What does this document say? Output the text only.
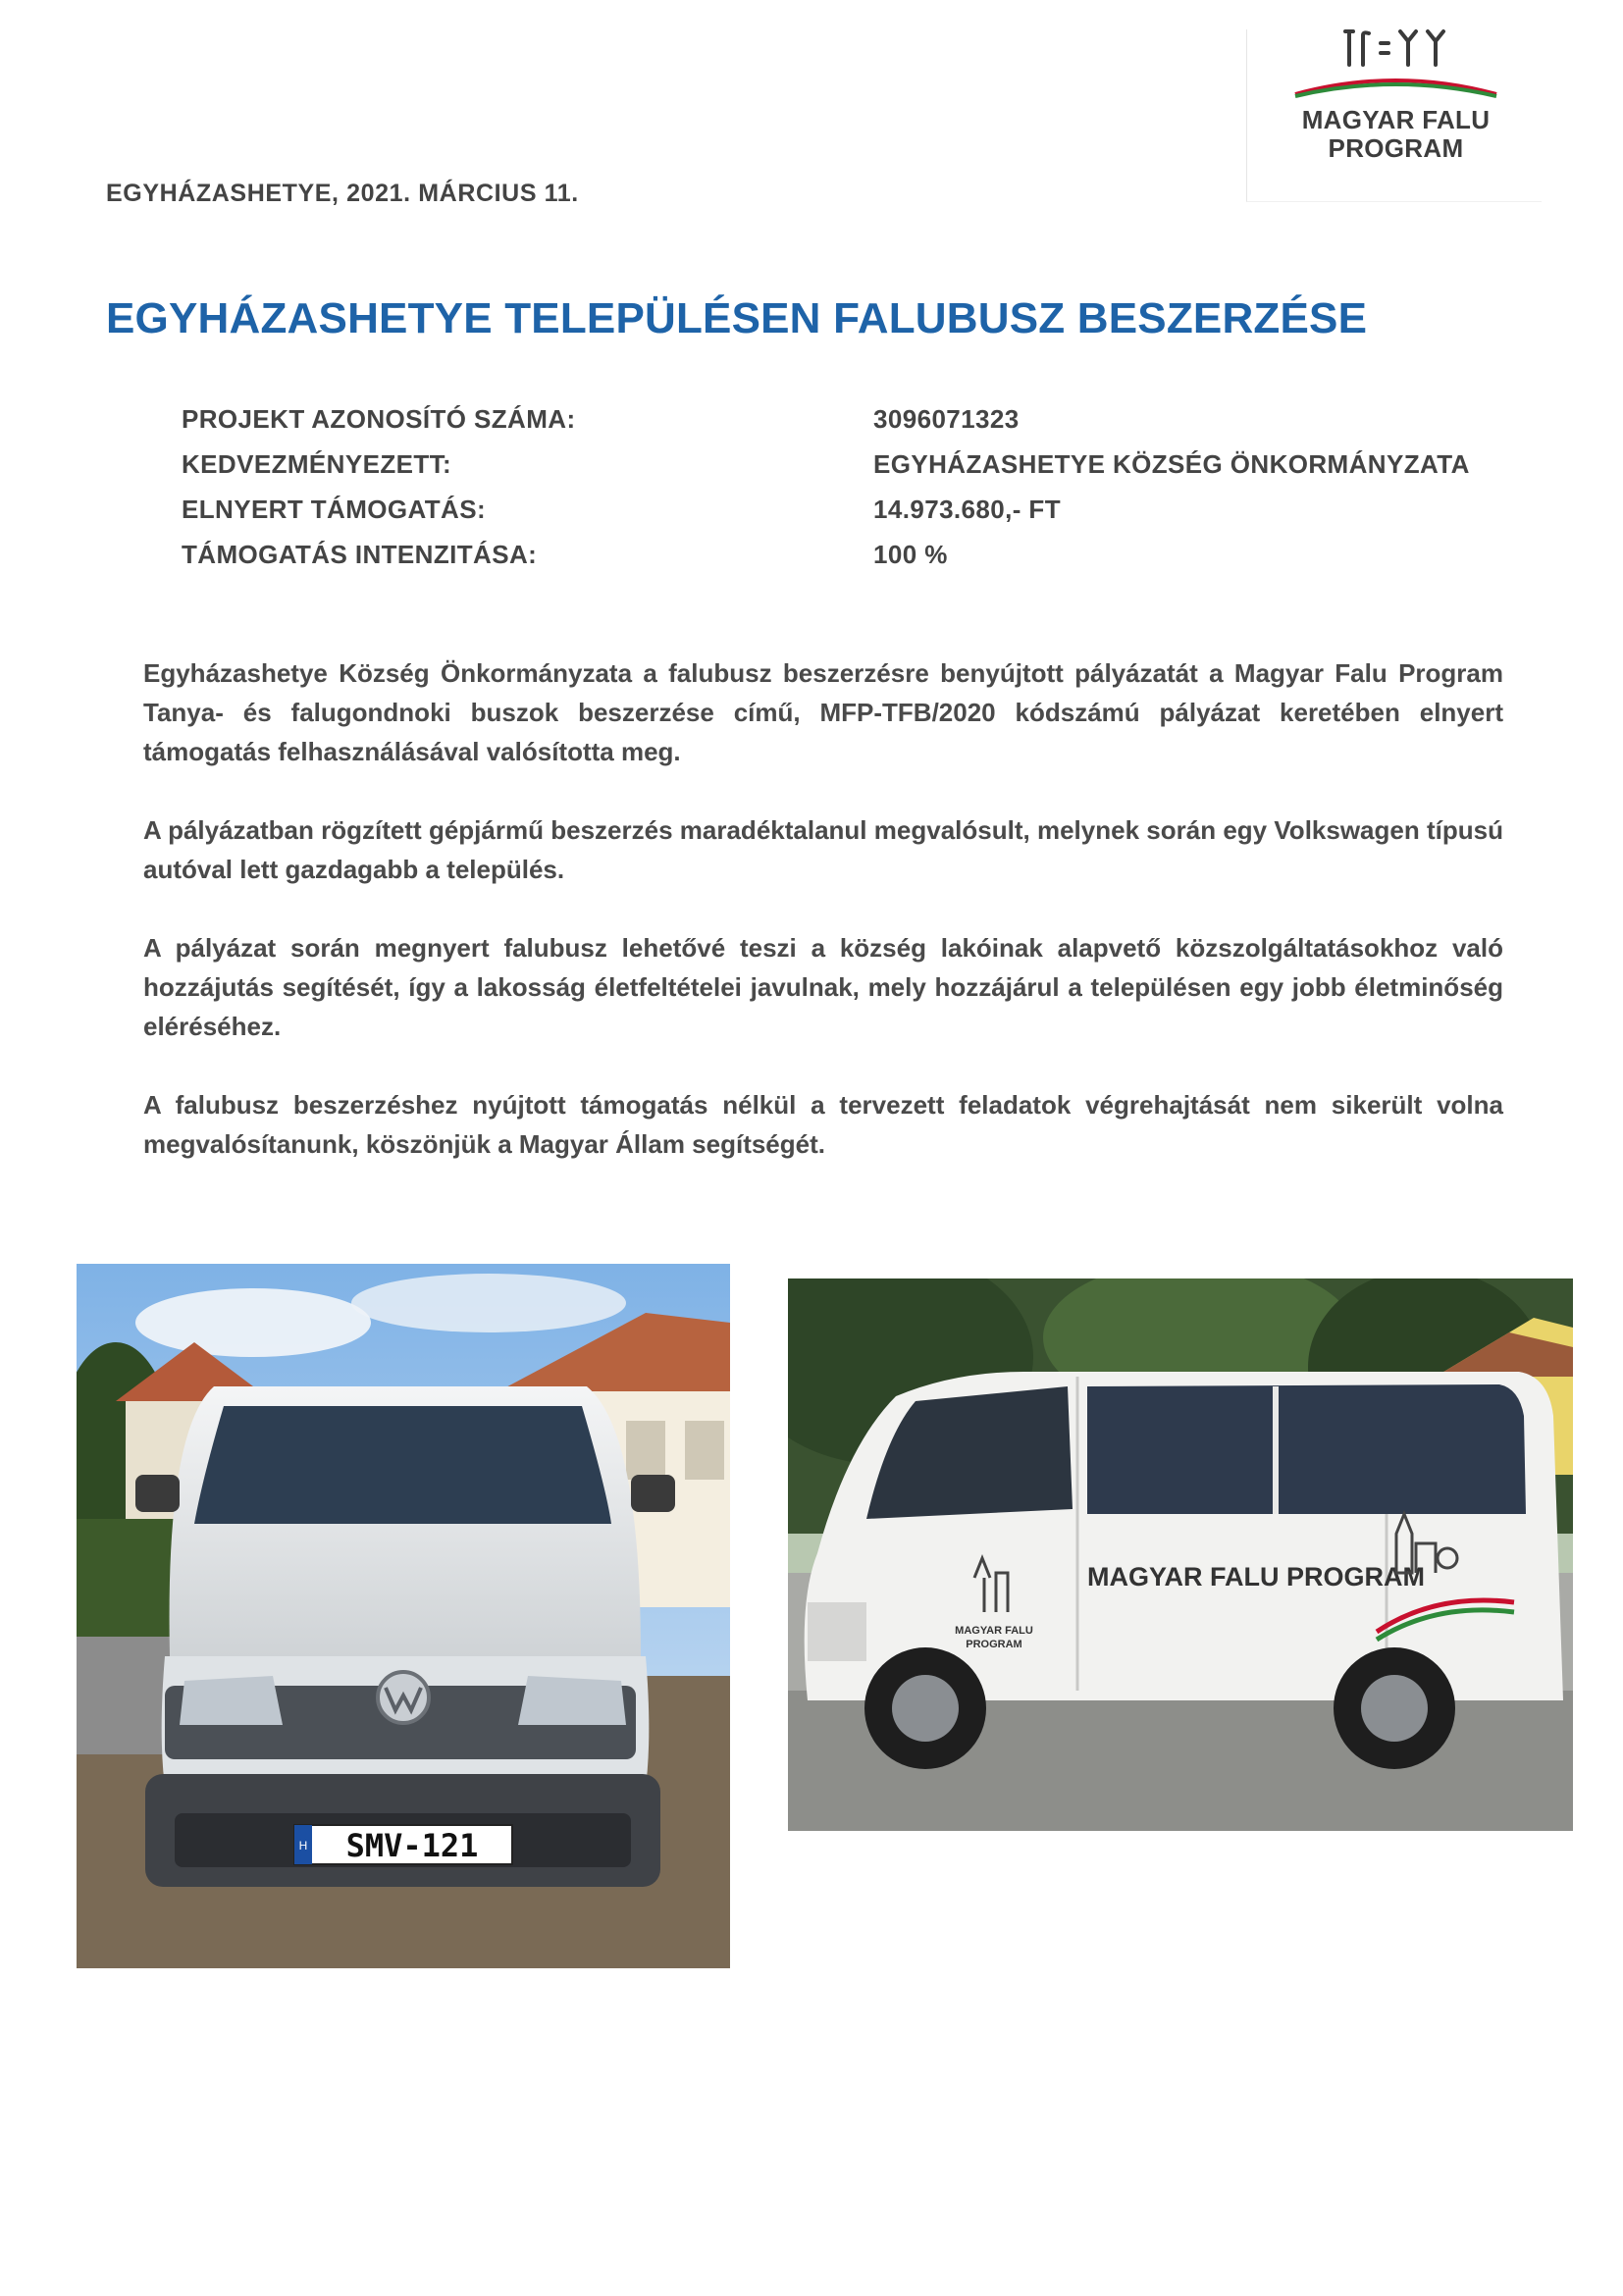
MAGYAR FALU
PROGRAM
EGYHÁZASHETYE, 2021. MÁRCIUS 11.
EGYHÁZASHETYE TELEPÜLÉSEN FALUBUSZ BESZERZÉSE
PROJEKT AZONOSÍTÓ SZÁMA:	3096071323
KEDVEZMÉNYEZETT:	EGYHÁZASHETYE KÖZSÉG ÖNKORMÁNYZATA
ELNYERT TÁMOGATÁS:	14.973.680,- FT
TÁMOGATÁS INTENZITÁSA:	100 %
Egyházashetye Község Önkormányzata a falubusz beszerzésre benyújtott pályázatát a Magyar Falu Program Tanya- és falugondnoki buszok beszerzése című, MFP-TFB/2020 kódszámú pályázat keretében elnyert támogatás felhasználásával valósította meg.
A pályázatban rögzített gépjármű beszerzés maradéktalanul megvalósult, melynek során egy Volkswagen típusú autóval lett gazdagabb a település.
A pályázat során megnyert falubusz lehetővé teszi a község lakóinak alapvető közszolgáltatásokhoz való hozzájutás segítését, így a lakosság életfeltételei javulnak, mely hozzájárul a településen egy jobb életminőség eléréséhez.
A falubusz beszerzéshez nyújtott támogatás nélkül a tervezett feladatok végrehajtását nem sikerült volna megvalósítanunk, köszönjük a Magyar Állam segítségét.
H SMV-121
MAGYAR FALU
PROGRAM
MAGYAR FALU PROGRAM
